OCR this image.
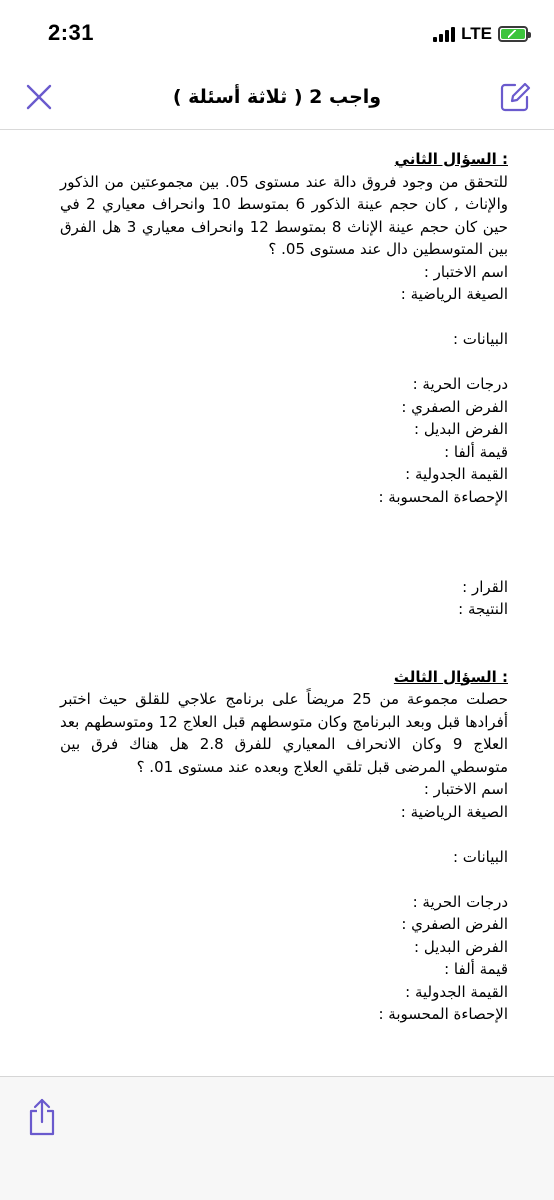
2:31	LTE
واجب 2 ( ثلاثة أسئلة )

: السؤال الثاني

للتحقق من وجود فروق دالة عند مستوى 05. بين مجموعتين من الذكور والإناث , كان حجم عينة الذكور 6 بمتوسط 10 وانحراف معياري 2 في حين كان حجم عينة الإناث 8 بمتوسط 12 وانحراف معياري 3 هل الفرق بين المتوسطين دال عند مستوى 05. ؟

اسم الاختبار :

الصيغة الرياضية :

البيانات :

درجات الحرية :

الفرض الصفري :

الفرض البديل :

قيمة ألفا :

القيمة الجدولية :

الإحصاءة المحسوبة :

القرار :

النتيجة :

: السؤال الثالث

حصلت مجموعة من 25 مريضاً على برنامج علاجي للقلق حيث اختبر أفرادها قبل وبعد البرنامج وكان متوسطهم قبل العلاج 12 ومتوسطهم بعد العلاج 9 وكان الانحراف المعياري للفرق 2.8 هل هناك فرق بين متوسطي المرضى قبل تلقي العلاج وبعده عند مستوى 01. ؟

اسم الاختبار :

الصيغة الرياضية :

البيانات :

درجات الحرية :

الفرض الصفري :

الفرض البديل :

قيمة ألفا :

القيمة الجدولية :

الإحصاءة المحسوبة :
